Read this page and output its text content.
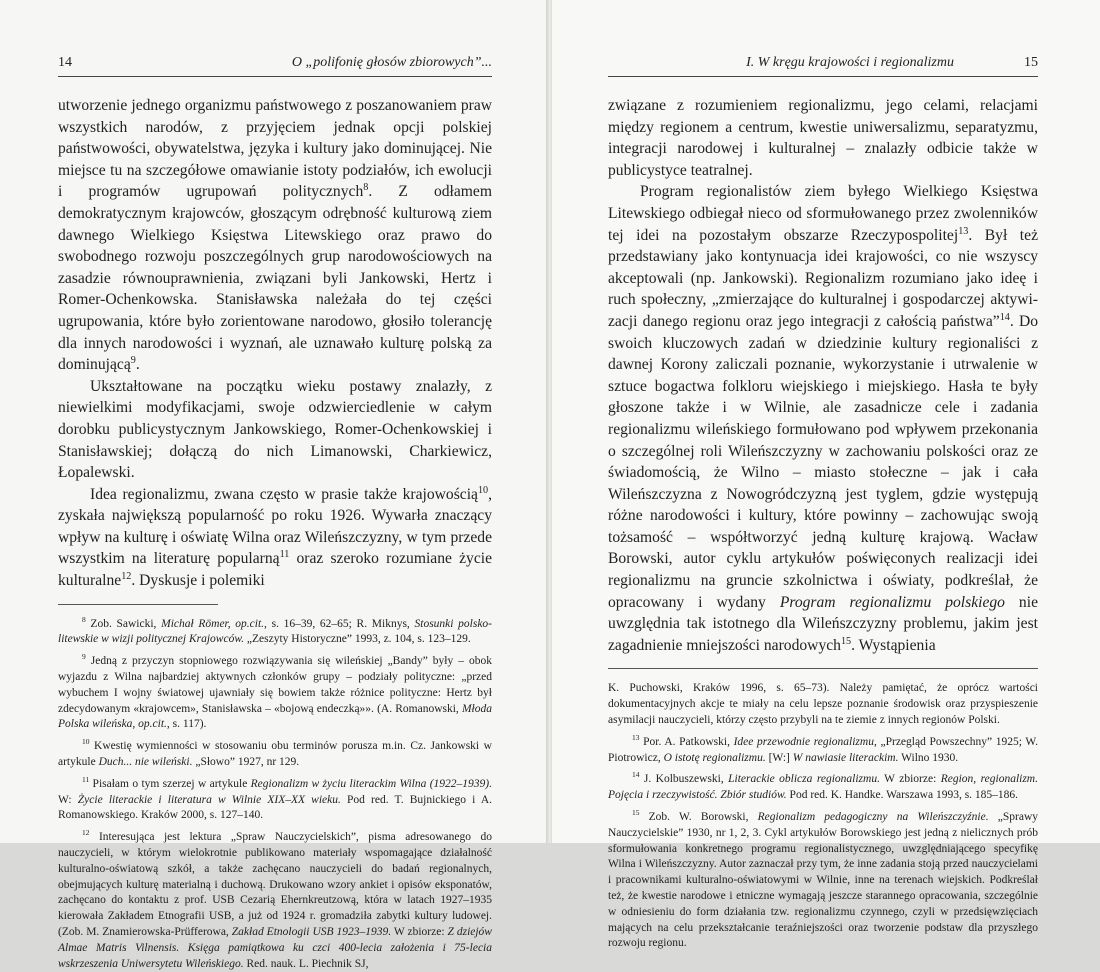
14	O „polifonię głosów zbiorowych”...

utworzenie jednego organizmu państwowego z poszanowaniem praw wszystkich narodów, z przyjęciem jednak opcji polskiej państwowości, obywatelstwa, języka i kultury jako dominującej. Nie miejsce tu na szczegółowe omawianie istoty podziałów, ich ewolucji i programów ugrupowań politycznych$^8$. Z odłamem demokratycznym krajowców, głoszącym odrębność kulturową ziem dawnego Wielkiego Księstwa Litewskiego oraz prawo do swobodnego rozwoju poszczególnych grup narodowościowych na zasadzie równouprawnienia, związani byli Jankowski, Hertz i Romer-Ochenkowska. Stanisławska należała do tej części ugrupowania, które było zorientowane narodowo, głosiło tolerancję dla innych narodowości i wyznań, ale uznawało kulturę polską za dominującą$^9$.

Ukształtowane na początku wieku postawy znalazły, z niewielkimi modyfikacjami, swoje odzwierciedlenie w całym dorobku publicystycznym Jankowskiego, Romer-Ochenkowskiej i Stanisławskiej; dołączą do nich Limanowski, Charkiewicz, Łopalewski.

Idea regionalizmu, zwana często w prasie także krajowością$^{10}$, zyskała największą popularność po roku 1926. Wywarła znaczący wpływ na kulturę i oświatę Wilna oraz Wileńszczyzny, w tym przede wszystkim na literaturę popularną$^{11}$ oraz szeroko rozumiane życie kulturalne$^{12}$. Dyskusje i polemiki

$^8$ Zob. Sawicki, Michał Römer, op.cit., s. 16–39, 62–65; R. Miknys, Stosunki polsko-litewskie w wizji politycznej Krajowców. „Zeszyty Historyczne” 1993, z. 104, s. 123–129.

$^9$ Jedną z przyczyn stopniowego rozwiązywania się wileńskiej „Bandy” były – obok wyjazdu z Wilna najbardziej aktywnych członków grupy – podziały polityczne: „przed wybuchem I wojny światowej ujawniały się bowiem także różnice polityczne: Hertz był zdecydowanym «krajowcem», Stanisławska – «bojową endeczką»». (A. Romanowski, Młoda Polska wileńska, op.cit., s. 117).

$^{10}$ Kwestię wymienności w stosowaniu obu terminów porusza m.in. Cz. Jankowski w artykule Duch... nie wileński. „Słowo” 1927, nr 129.

$^{11}$ Pisałam o tym szerzej w artykule Regionalizm w życiu literackim Wilna (1922–1939). W: Życie literackie i literatura w Wilnie XIX–XX wieku. Pod red. T. Bujnickiego i A. Romanowskiego. Kraków 2000, s. 127–140.

$^{12}$ Interesująca jest lektura „Spraw Nauczycielskich”, pisma adresowanego do nauczycieli, w którym wielokrotnie publikowano materiały wspomagające działalność kulturalno-oświatową szkół, a także zachęcano nauczycieli do badań regionalnych, obejmujących kulturę materialną i duchową. Drukowano wzory ankiet i opisów eksponatów, zachęcano do kontaktu z prof. USB Cezarią Ehernkreutzową, która w latach 1927–1935 kierowała Zakładem Etnografii USB, a już od 1924 r. gromadziła zabytki kultury ludowej. (Zob. M. Znamierowska-Prüfferowa, Zakład Etnologii USB 1923–1939. W zbiorze: Z dziejów Almae Matris Vilnensis. Księga pamiątkowa ku czci 400-lecia założenia i 75-lecia wskrzeszenia Uniwersytetu Wileńskiego. Red. nauk. L. Piechnik SJ,

I. W kręgu krajowości i regionalizmu	15

związane z rozumieniem regionalizmu, jego celami, relacjami między regionem a centrum, kwestie uniwersalizmu, separatyzmu, integracji narodowej i kulturalnej – znalazły odbicie także w publicystyce teatralnej.

Program regionalistów ziem byłego Wielkiego Księstwa Litewskiego odbiegał nieco od sformułowanego przez zwolenników tej idei na pozostałym obszarze Rzeczypospolitej$^{13}$. Był też przedstawiany jako kontynuacja idei krajowości, co nie wszyscy akceptowali (np. Jankowski). Regionalizm rozumiano jako ideę i ruch społeczny, „zmierzające do kulturalnej i gospodarczej aktywizacji danego regionu oraz jego integracji z całością państwa”$^{14}$. Do swoich kluczowych zadań w dziedzinie kultury regionaliści z dawnej Korony zaliczali poznanie, wykorzystanie i utrwalenie w sztuce bogactwa folkloru wiejskiego i miejskiego. Hasła te były głoszone także i w Wilnie, ale zasadnicze cele i zadania regionalizmu wileńskiego formułowano pod wpływem przekonania o szczególnej roli Wileńszczyzny w zachowaniu polskości oraz ze świadomością, że Wilno – miasto stołeczne – jak i cała Wileńszczyzna z Nowogródczyzną jest tyglem, gdzie występują różne narodowości i kultury, które powinny – zachowując swoją tożsamość – współtworzyć jedną kulturę krajową. Wacław Borowski, autor cyklu artykułów poświęconych realizacji idei regionalizmu na gruncie szkolnictwa i oświaty, podkreślał, że opracowany i wydany Program regionalizmu polskiego nie uwzględnia tak istotnego dla Wileńszczyzny problemu, jakim jest zagadnienie mniejszości narodowych$^{15}$. Wystąpienia

K. Puchowski, Kraków 1996, s. 65–73). Należy pamiętać, że oprócz wartości dokumentacyjnych akcje te miały na celu lepsze poznanie środowisk oraz przyspieszenie asymilacji nauczycieli, którzy często przybyli na te ziemie z innych regionów Polski.

$^{13}$ Por. A. Patkowski, Idee przewodnie regionalizmu, „Przegląd Powszechny” 1925; W. Piotrowicz, O istotę regionalizmu. [W:] W nawiasie literackim. Wilno 1930.

$^{14}$ J. Kolbuszewski, Literackie oblicza regionalizmu. W zbiorze: Region, regionalizm. Pojęcia i rzeczywistość. Zbiór studiów. Pod red. K. Handke. Warszawa 1993, s. 185–186.

$^{15}$ Zob. W. Borowski, Regionalizm pedagogiczny na Wileńszczyźnie. „Sprawy Nauczycielskie” 1930, nr 1, 2, 3. Cykl artykułów Borowskiego jest jedną z nielicznych prób sformułowania konkretnego programu regionalistycznego, uwzględniającego specyfikę Wilna i Wileńszczyzny. Autor zaznaczał przy tym, że inne zadania stoją przed nauczycielami i pracownikami kulturalno-oświatowymi w Wilnie, inne na terenach wiejskich. Podkreślał też, że kwestie narodowe i etniczne wymagają jeszcze starannego opracowania, szczególnie w odniesieniu do form działania tzw. regionalizmu czynnego, czyli w przedsięwzięciach mających na celu przekształcanie teraźniejszości oraz tworzenie podstaw dla przyszłego rozwoju regionu.
